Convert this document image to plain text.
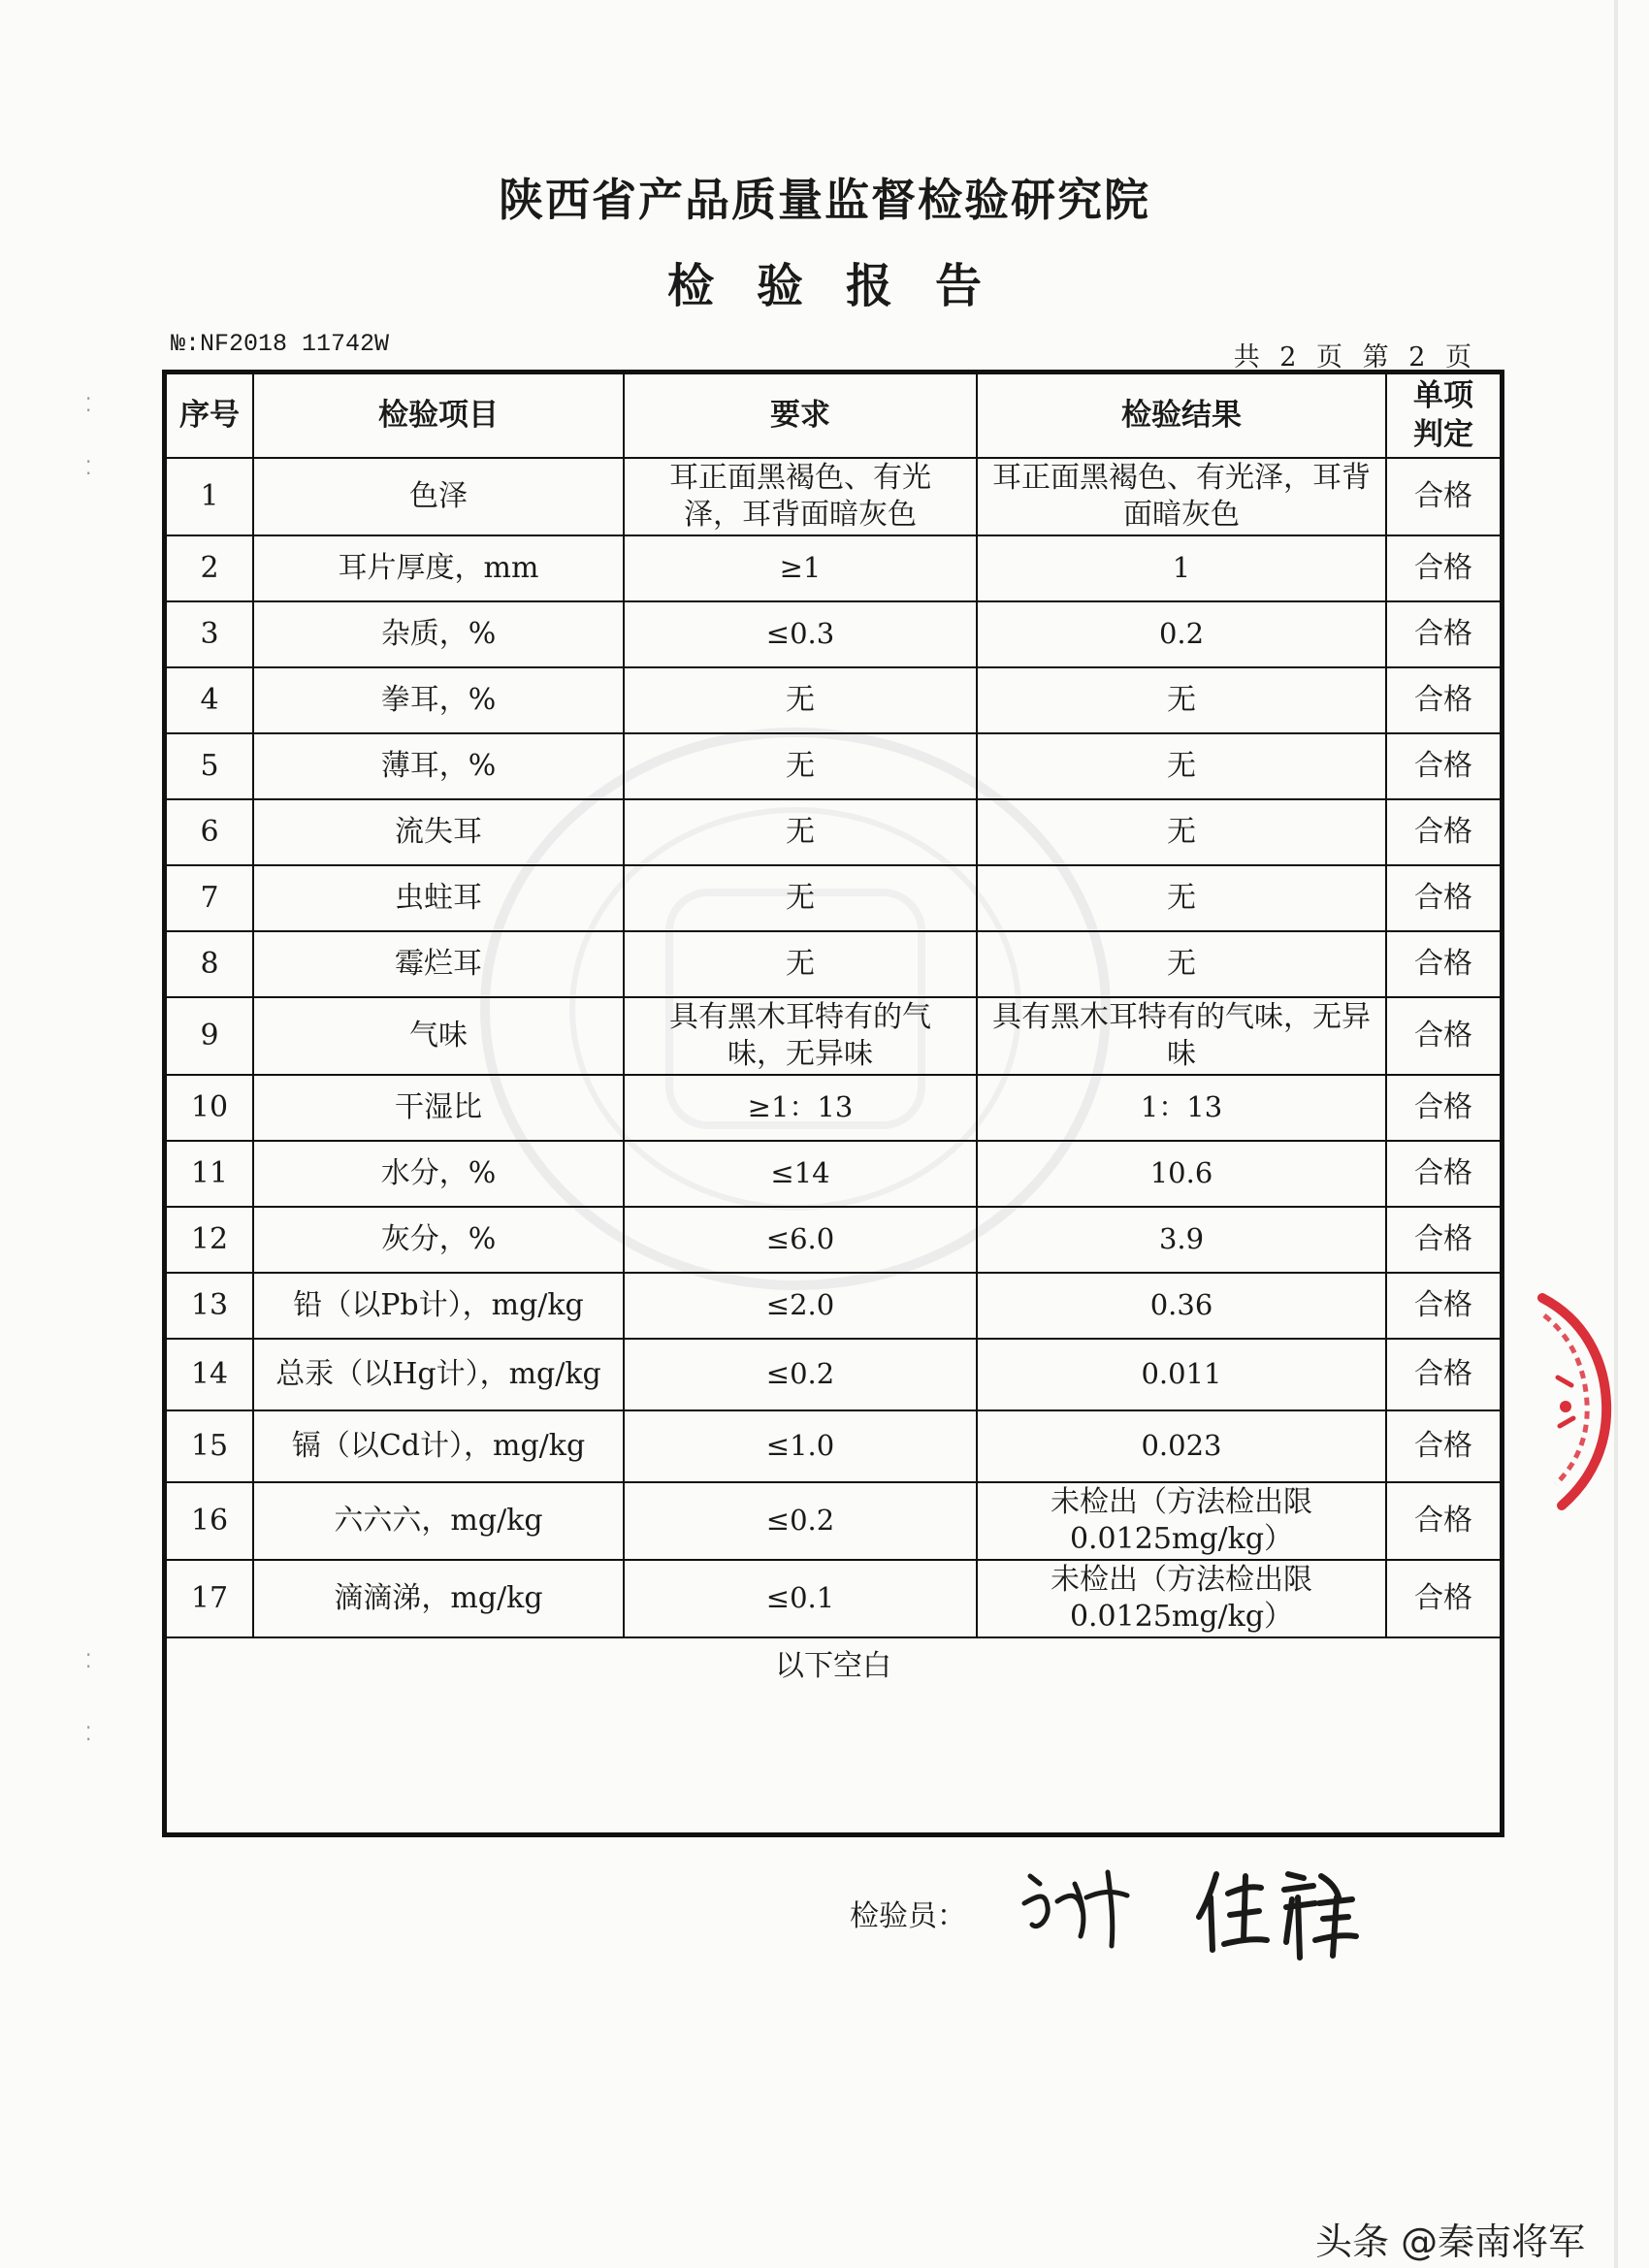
⁚
⁚
⁚
⁚
陕西省产品质量监督检验研究院
检验报告
№:NF2018 11742W	共 2 页 第 2 页
序号	检验项目	要求	检验结果	单项判定
1	色泽	耳正面黑褐色、有光泽，耳背面暗灰色	耳正面黑褐色、有光泽，耳背面暗灰色	合格
2	耳片厚度，mm	≥1	1	合格
3	杂质，%	≤0.3	0.2	合格
4	拳耳，%	无	无	合格
5	薄耳，%	无	无	合格
6	流失耳	无	无	合格
7	虫蛀耳	无	无	合格
8	霉烂耳	无	无	合格
9	气味	具有黑木耳特有的气味，无异味	具有黑木耳特有的气味，无异味	合格
10	干湿比	≥1：13	1：13	合格
11	水分，%	≤14	10.6	合格
12	灰分，%	≤6.0	3.9	合格
13	铅（以Pb计），mg/kg	≤2.0	0.36	合格
14	总汞（以Hg计），mg/kg	≤0.2	0.011	合格
15	镉（以Cd计），mg/kg	≤1.0	0.023	合格
16	六六六，mg/kg	≤0.2	未检出（方法检出限0.0125mg/kg）	合格
17	滴滴涕，mg/kg	≤0.1	未检出（方法检出限0.0125mg/kg）	合格
以下空白				
检验员：
头条 @秦南将军
